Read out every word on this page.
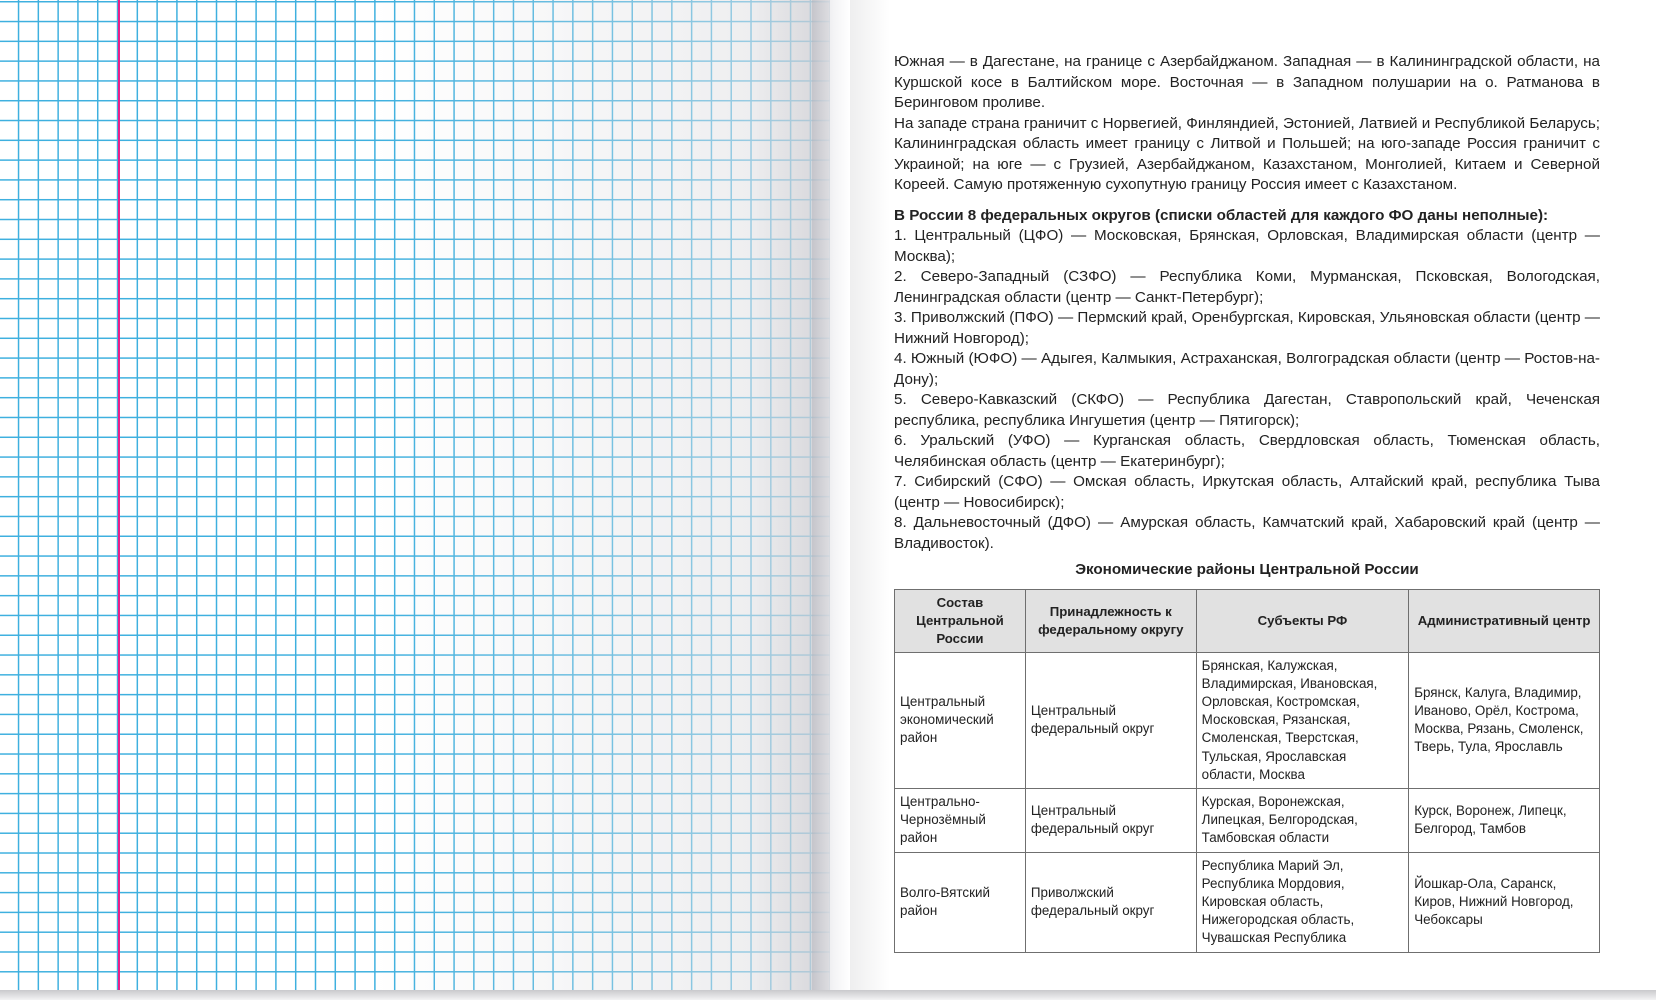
Южная — в Дагестане, на границе с Азербайджаном. Западная — в Калининградской области, на Куршской косе в Балтийском море. Восточная — в Западном полушарии на о. Ратманова в Беринговом проливе.

На западе страна граничит с Норвегией, Финляндией, Эстонией, Латвией и Республикой Беларусь; Калининградская область имеет границу с Литвой и Польшей; на юго-западе Россия граничит с Украиной; на юге — с Грузией, Азербайджаном, Казахстаном, Монголией, Китаем и Северной Кореей. Самую протяженную сухопутную границу Россия имеет с Казахстаном.

В России 8 федеральных округов (списки областей для каждого ФО даны неполные):

1. Центральный (ЦФО) — Московская, Брянская, Орловская, Владимирская области (центр — Москва);

2. Северо-Западный (СЗФО) — Республика Коми, Мурманская, Псковская, Вологодская, Ленинградская области (центр — Санкт-Петербург);

3. Приволжский (ПФО) — Пермский край, Оренбургская, Кировская, Ульяновская области (центр — Нижний Новгород);

4. Южный (ЮФО) — Адыгея, Калмыкия, Астраханская, Волгоградская области (центр — Ростов-на-Дону);

5. Северо-Кавказский (СКФО) — Республика Дагестан, Ставропольский край, Чеченская республика, республика Ингушетия (центр — Пятигорск);

6. Уральский (УФО) — Курганская область, Свердловская область, Тюменская область, Челябинская область (центр — Екатеринбург);

7. Сибирский (СФО) — Омская область, Иркутская область, Алтайский край, республика Тыва (центр — Новосибирск);

8. Дальневосточный (ДФО) — Амурская область, Камчатский край, Хабаровский край (центр — Владивосток).

Экономические районы Центральной России

Состав Центральной России	Принадлежность к федеральному округу	Субъекты РФ	Административный центр
Центральный экономический район	Центральный федеральный округ	Брянская, Калужская, Владимирская, Ивановская, Орловская, Костромская, Московская, Рязанская, Смоленская, Тверстская, Тульская, Ярославская области, Москва	Брянск, Калуга, Владимир, Иваново, Орёл, Кострома, Москва, Рязань, Смоленск, Тверь, Тула, Ярославль
Центрально-Чернозёмный район	Центральный федеральный округ	Курская, Воронежская, Липецкая, Белгородская, Тамбовская области	Курск, Воронеж, Липецк, Белгород, Тамбов
Волго-Вятский район	Приволжский федеральный округ	Республика Марий Эл, Республика Мордовия, Кировская область, Нижегородская область, Чувашская Республика	Йошкар-Ола, Саранск, Киров, Нижний Новгород, Чебоксары
